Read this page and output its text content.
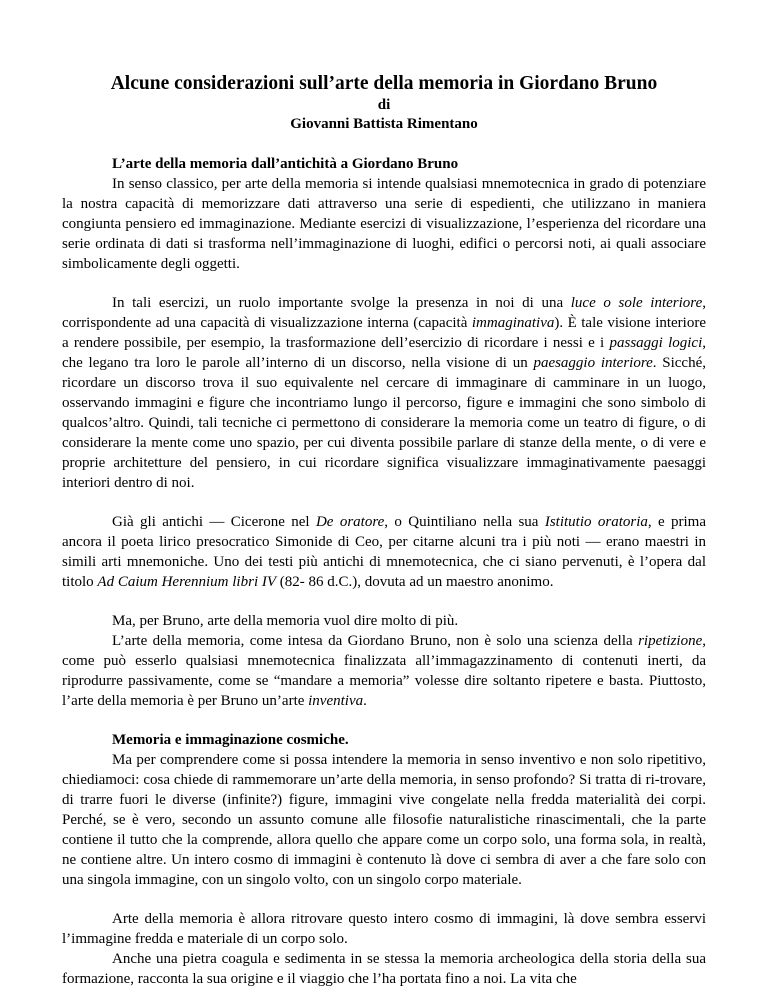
Alcune considerazioni sull’arte della memoria in Giordano Bruno
di
Giovanni Battista Rimentano
L’arte della memoria dall’antichità a Giordano Bruno

In senso classico, per arte della memoria si intende qualsiasi mnemotecnica in grado di potenziare la nostra capacità di memorizzare dati attraverso una serie di espedienti, che utilizzano in maniera congiunta pensiero ed immaginazione. Mediante esercizi di visualizzazione, l’esperienza del ricordare una serie ordinata di dati si trasforma nell’immaginazione di luoghi, edifici o percorsi noti, ai quali associare simbolicamente degli oggetti.

In tali esercizi, un ruolo importante svolge la presenza in noi di una luce o sole interiore, corrispondente ad una capacità di visualizzazione interna (capacità immaginativa). È tale visione interiore a rendere possibile, per esempio, la trasformazione dell’esercizio di ricordare i nessi e i passaggi logici, che legano tra loro le parole all’interno di un discorso, nella visione di un paesaggio interiore. Sicché, ricordare un discorso trova il suo equivalente nel cercare di immaginare di camminare in un luogo, osservando immagini e figure che incontriamo lungo il percorso, figure e immagini che sono simbolo di qualcos’altro. Quindi, tali tecniche ci permettono di considerare la memoria come un teatro di figure, o di considerare la mente come uno spazio, per cui diventa possibile parlare di stanze della mente, o di vere e proprie architetture del pensiero, in cui ricordare significa visualizzare immaginativamente paesaggi interiori dentro di noi.

Già gli antichi — Cicerone nel De oratore, o Quintiliano nella sua Istitutio oratoria, e prima ancora il poeta lirico presocratico Simonide di Ceo, per citarne alcuni tra i più noti — erano maestri in simili arti mnemoniche. Uno dei testi più antichi di mnemotecnica, che ci siano pervenuti, è l’opera dal titolo Ad Caium Herennium libri IV (82- 86 d.C.), dovuta ad un maestro anonimo.

Ma, per Bruno, arte della memoria vuol dire molto di più.

L’arte della memoria, come intesa da Giordano Bruno, non è solo una scienza della ripetizione, come può esserlo qualsiasi mnemotecnica finalizzata all’immagazzinamento di contenuti inerti, da riprodurre passivamente, come se “mandare a memoria” volesse dire soltanto ripetere e basta. Piuttosto, l’arte della memoria è per Bruno un’arte inventiva.

Memoria e immaginazione cosmiche.

Ma per comprendere come si possa intendere la memoria in senso inventivo e non solo ripetitivo, chiediamoci: cosa chiede di rammemorare un’arte della memoria, in senso profondo? Si tratta di ri-trovare, di trarre fuori le diverse (infinite?) figure, immagini vive congelate nella fredda materialità dei corpi. Perché, se è vero, secondo un assunto comune alle filosofie naturalistiche rinascimentali, che la parte contiene il tutto che la comprende, allora quello che appare come un corpo solo, una forma sola, in realtà, ne contiene altre. Un intero cosmo di immagini è contenuto là dove ci sembra di aver a che fare solo con una singola immagine, con un singolo volto, con un singolo corpo materiale.

Arte della memoria è allora ritrovare questo intero cosmo di immagini, là dove sembra esservi l’immagine fredda e materiale di un corpo solo.

Anche una pietra coagula e sedimenta in se stessa la memoria archeologica della storia della sua formazione, racconta la sua origine e il viaggio che l’ha portata fino a noi. La vita che
